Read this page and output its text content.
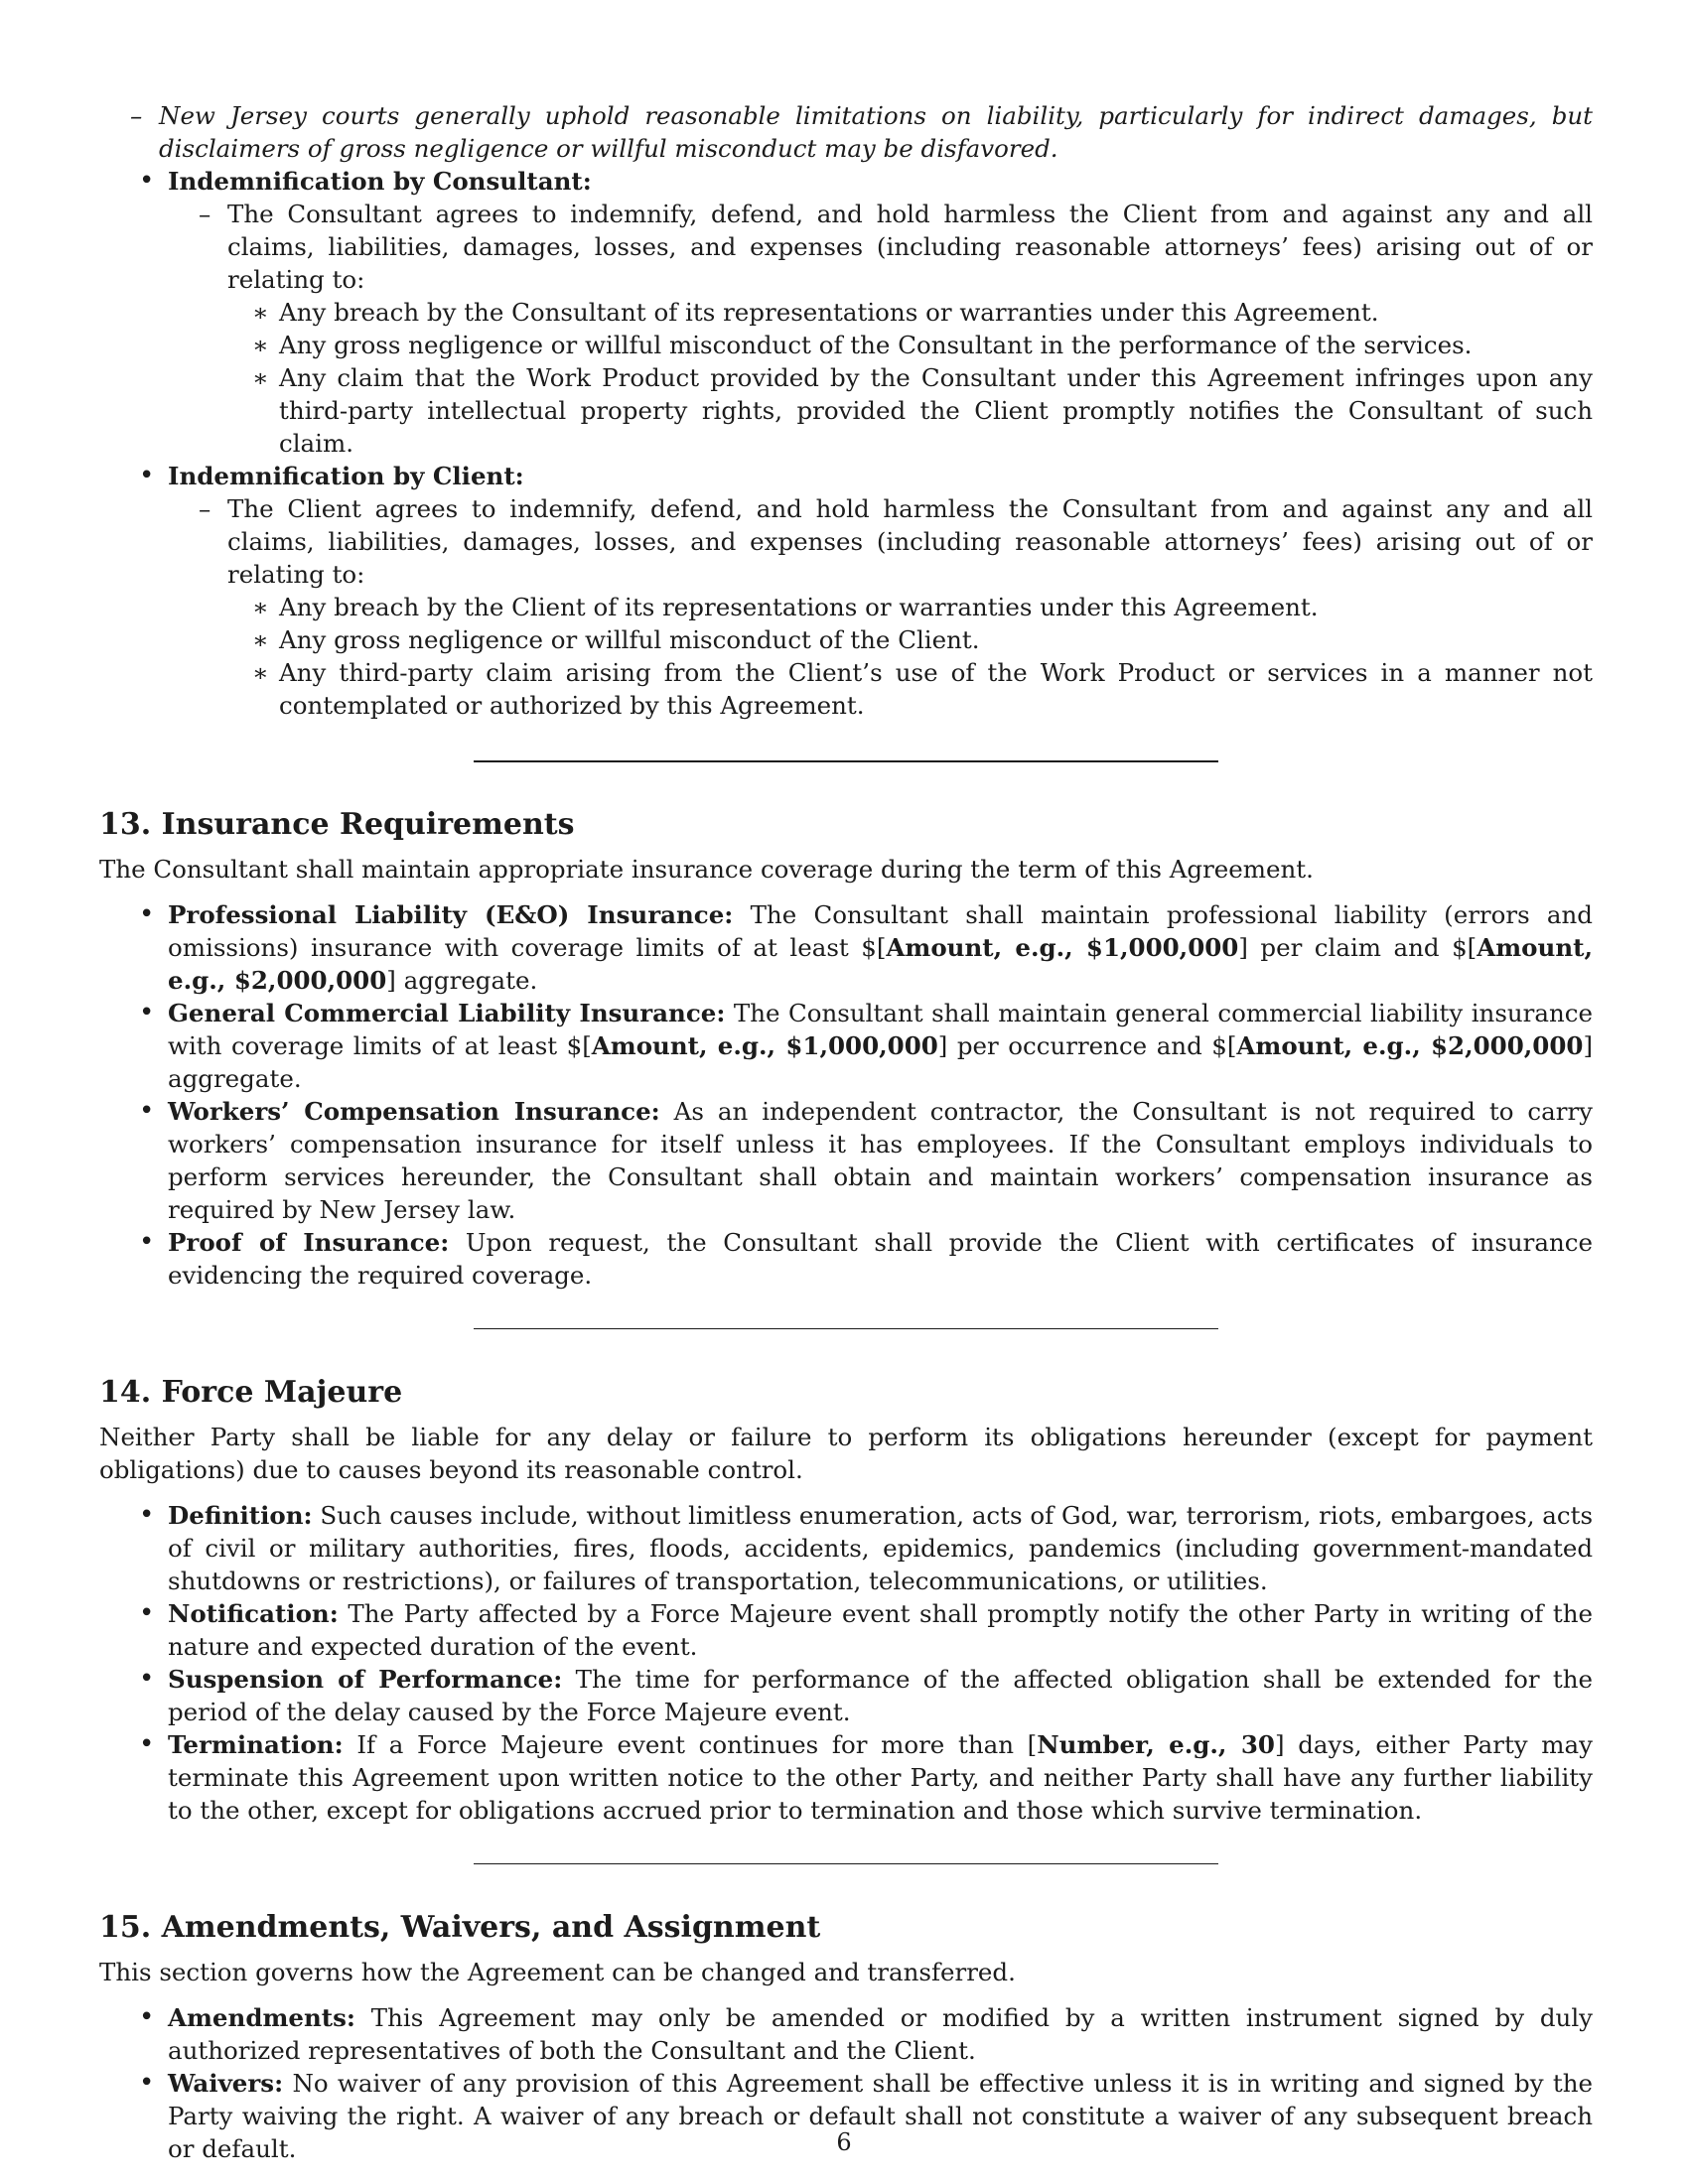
– New Jersey courts generally uphold reasonable limitations on liability, particularly for indirect damages, but disclaimers of gross negligence or willful misconduct may be disfavored.
• Indemnification by Consultant:
– The Consultant agrees to indemnify, defend, and hold harmless the Client from and against any and all claims, liabilities, damages, losses, and expenses (including reasonable attorneys’ fees) arising out of or relating to:
∗ Any breach by the Consultant of its representations or warranties under this Agreement.
∗ Any gross negligence or willful misconduct of the Consultant in the performance of the services.
∗ Any claim that the Work Product provided by the Consultant under this Agreement infringes upon any third-party intellectual property rights, provided the Client promptly notifies the Consultant of such claim.
• Indemnification by Client:
– The Client agrees to indemnify, defend, and hold harmless the Consultant from and against any and all claims, liabilities, damages, losses, and expenses (including reasonable attorneys’ fees) arising out of or relating to:
∗ Any breach by the Client of its representations or warranties under this Agreement.
∗ Any gross negligence or willful misconduct of the Client.
∗ Any third-party claim arising from the Client’s use of the Work Product or services in a manner not contemplated or authorized by this Agreement.
13. Insurance Requirements

The Consultant shall maintain appropriate insurance coverage during the term of this Agreement.

• Professional Liability (E&O) Insurance: The Consultant shall maintain professional liability (errors and omissions) insurance with coverage limits of at least $[Amount, e.g., $1,000,000] per claim and $[Amount, e.g., $2,000,000] aggregate.
• General Commercial Liability Insurance: The Consultant shall maintain general commercial liability insurance with coverage limits of at least $[Amount, e.g., $1,000,000] per occurrence and $[Amount, e.g., $2,000,000] aggregate.
• Workers’ Compensation Insurance: As an independent contractor, the Consultant is not required to carry workers’ compensation insurance for itself unless it has employees. If the Consultant employs individuals to perform services hereunder, the Consultant shall obtain and maintain workers’ compensation insurance as required by New Jersey law.
• Proof of Insurance: Upon request, the Consultant shall provide the Client with certificates of insurance evidencing the required coverage.
14. Force Majeure

Neither Party shall be liable for any delay or failure to perform its obligations hereunder (except for payment obligations) due to causes beyond its reasonable control.

• Definition: Such causes include, without limitless enumeration, acts of God, war, terrorism, riots, embargoes, acts of civil or military authorities, fires, floods, accidents, epidemics, pandemics (including government-mandated shutdowns or restrictions), or failures of transportation, telecommunications, or utilities.
• Notification: The Party affected by a Force Majeure event shall promptly notify the other Party in writing of the nature and expected duration of the event.
• Suspension of Performance: The time for performance of the affected obligation shall be extended for the period of the delay caused by the Force Majeure event.
• Termination: If a Force Majeure event continues for more than [Number, e.g., 30] days, either Party may terminate this Agreement upon written notice to the other Party, and neither Party shall have any further liability to the other, except for obligations accrued prior to termination and those which survive termination.
15. Amendments, Waivers, and Assignment

This section governs how the Agreement can be changed and transferred.

• Amendments: This Agreement may only be amended or modified by a written instrument signed by duly authorized representatives of both the Consultant and the Client.
• Waivers: No waiver of any provision of this Agreement shall be effective unless it is in writing and signed by the Party waiving the right. A waiver of any breach or default shall not constitute a waiver of any subsequent breach or default.	6
